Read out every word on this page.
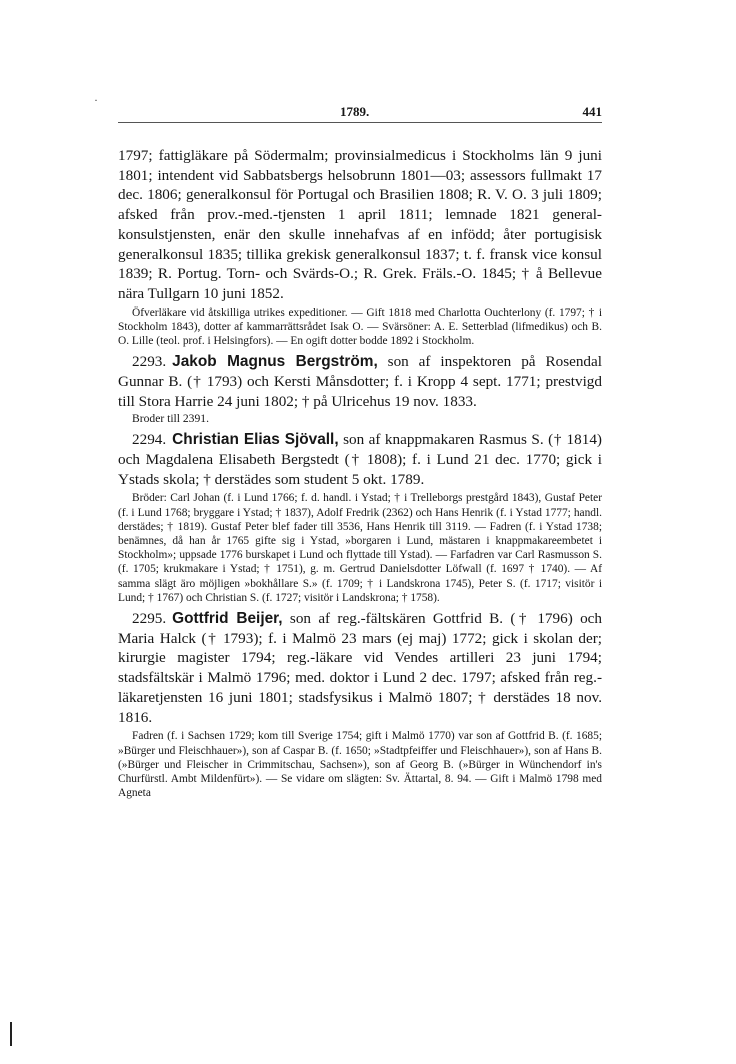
·
1789.	441

1797; fattigläkare på Södermalm; provinsialmedicus i Stockholms län 9 juni 1801; intendent vid Sabbatsbergs helsobrunn 1801—03; assessors fullmakt 17 dec. 1806; generalkonsul för Portugal och Brasilien 1808; R. V. O. 3 juli 1809; afsked från prov.-med.-tjensten 1 april 1811; lemnade 1821 general-konsulstjensten, enär den skulle innehafvas af en infödd; åter portugisisk generalkonsul 1835; tillika grekisk generalkonsul 1837; t. f. fransk vice konsul 1839; R. Portug. Torn- och Svärds-O.; R. Grek. Fräls.-O. 1845; † å Bellevue nära Tullgarn 10 juni 1852.

Öfverläkare vid åtskilliga utrikes expeditioner. — Gift 1818 med Charlotta Ouchterlony (f. 1797; † i Stockholm 1843), dotter af kammarrättsrådet Isak O. — Svärsöner: A. E. Setterblad (lifmedikus) och B. O. Lille (teol. prof. i Helsingfors). — En ogift dotter bodde 1892 i Stockholm.

2293. Jakob Magnus Bergström, son af inspektoren på Rosendal Gunnar B. († 1793) och Kersti Månsdotter; f. i Kropp 4 sept. 1771; prestvigd till Stora Harrie 24 juni 1802; † på Ulricehus 19 nov. 1833.

Broder till 2391.

2294. Christian Elias Sjövall, son af knappmakaren Rasmus S. († 1814) och Magdalena Elisabeth Bergstedt († 1808); f. i Lund 21 dec. 1770; gick i Ystads skola; † derstädes som student 5 okt. 1789.

Bröder: Carl Johan (f. i Lund 1766; f. d. handl. i Ystad; † i Trelleborgs prestgård 1843), Gustaf Peter (f. i Lund 1768; bryggare i Ystad; † 1837), Adolf Fredrik (2362) och Hans Henrik (f. i Ystad 1777; handl. derstädes; † 1819). Gustaf Peter blef fader till 3536, Hans Henrik till 3119. — Fadren (f. i Ystad 1738; benämnes, då han år 1765 gifte sig i Ystad, »borgaren i Lund, mästaren i knappmakareembetet i Stockholm»; uppsade 1776 burskapet i Lund och flyttade till Ystad). — Farfadren var Carl Rasmusson S. (f. 1705; krukmakare i Ystad; † 1751), g. m. Gertrud Danielsdotter Löfwall (f. 1697 † 1740). — Af samma slägt äro möjligen »bokhållare S.» (f. 1709; † i Landskrona 1745), Peter S. (f. 1717; visitör i Lund; † 1767) och Christian S. (f. 1727; visitör i Landskrona; † 1758).

2295. Gottfrid Beijer, son af reg.-fältskären Gottfrid B. († 1796) och Maria Halck († 1793); f. i Malmö 23 mars (ej maj) 1772; gick i skolan der; kirurgie magister 1794; reg.-läkare vid Vendes artilleri 23 juni 1794; stadsfältskär i Malmö 1796; med. doktor i Lund 2 dec. 1797; afsked från reg.-läkaretjensten 16 juni 1801; stadsfysikus i Malmö 1807; † derstädes 18 nov. 1816.

Fadren (f. i Sachsen 1729; kom till Sverige 1754; gift i Malmö 1770) var son af Gottfrid B. (f. 1685; »Bürger und Fleischhauer»), son af Caspar B. (f. 1650; »Stadtpfeiffer und Fleischhauer»), son af Hans B. (»Bürger und Fleischer in Crimmitschau, Sachsen»), son af Georg B. (»Bürger in Wünchendorf in's Churfürstl. Ambt Mildenfürt»). — Se vidare om slägten: Sv. Ättartal, 8. 94. — Gift i Malmö 1798 med Agneta
